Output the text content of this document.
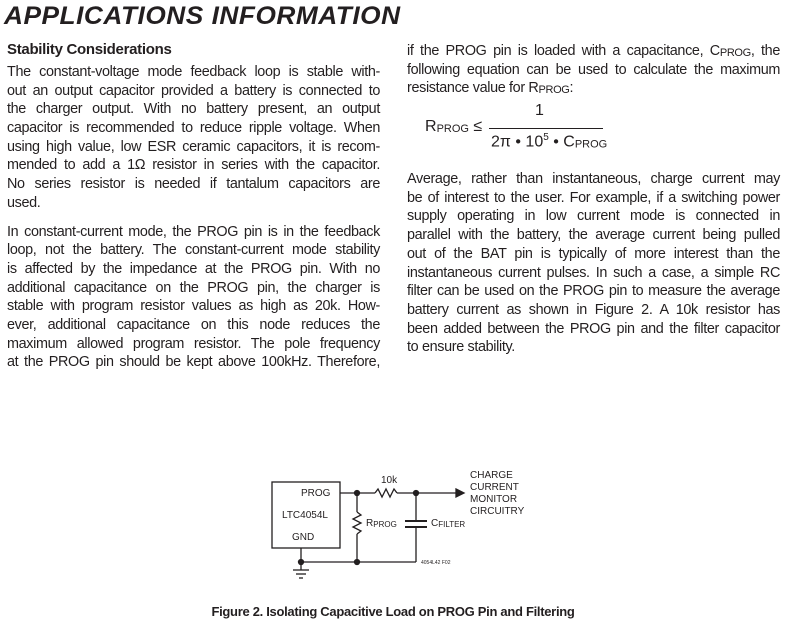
APPLICATIONS INFORMATION
Stability Considerations
The constant-voltage mode feedback loop is stable with-
out an output capacitor provided a battery is connected to
the charger output. With no battery present, an output
capacitor is recommended to reduce ripple voltage. When
using high value, low ESR ceramic capacitors, it is recom-
mended to add a 1Ω resistor in series with the capacitor.
No series resistor is needed if tantalum capacitors are
used.
In constant-current mode, the PROG pin is in the feedback
loop, not the battery. The constant-current mode stability
is affected by the impedance at the PROG pin. With no
additional capacitance on the PROG pin, the charger is
stable with program resistor values as high as 20k. How-
ever, additional capacitance on this node reduces the
maximum allowed program resistor. The pole frequency
at the PROG pin should be kept above 100kHz. Therefore,
if the PROG pin is loaded with a capacitance, $C_{PROG}$, the
following equation can be used to calculate the maximum
resistance value for $R_{PROG}$:
$R_{PROG}$ ≤
1
2π • $10^5$ • $C_{PROG}$
Average, rather than instantaneous, charge current may
be of interest to the user. For example, if a switching power
supply operating in low current mode is connected in
parallel with the battery, the average current being pulled
out of the BAT pin is typically of more interest than the
instantaneous current pulses. In such a case, a simple RC
filter can be used on the PROG pin to measure the average
battery current as shown in Figure 2. A 10k resistor has
been added between the PROG pin and the filter capacitor
to ensure stability.
PROG
LTC4054L
GND
10k
$R_{PROG}$	$C_{FILTER}$
CHARGE
CURRENT
MONITOR
CIRCUITRY
4054L42 F02
Figure 2. Isolating Capacitive Load on PROG Pin and Filtering
